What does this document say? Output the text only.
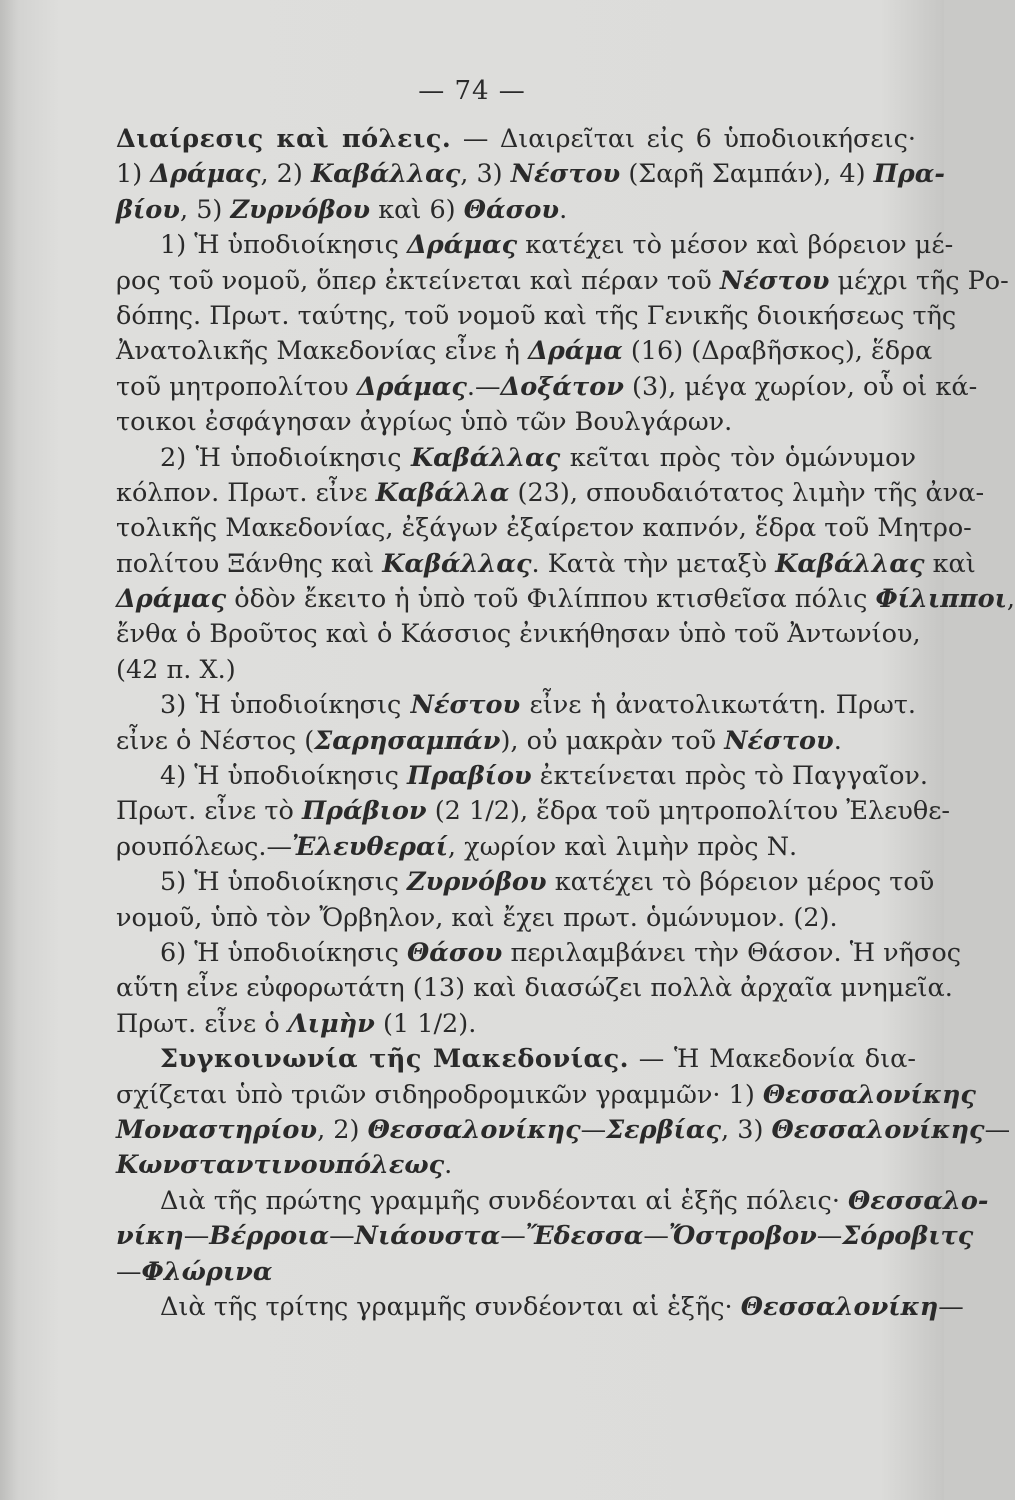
— 74 —
Διαίρεσις καὶ πόλεις. — Διαιρεῖται εἰς 6 ὑποδιοικήσεις·
1) Δράμας, 2) Καβάλλας, 3) Νέστου (Σαρῆ Σαμπάν), 4) Πρα-
βίου, 5) Ζυρνόβου καὶ 6) Θάσου.
1) Ἡ ὑποδιοίκησις Δράμας κατέχει τὸ μέσον καὶ βόρειον μέ-
ρος τοῦ νομοῦ, ὅπερ ἐκτείνεται καὶ πέραν τοῦ Νέστου μέχρι τῆς Ρο-
δόπης. Πρωτ. ταύτης, τοῦ νομοῦ καὶ τῆς Γενικῆς διοικήσεως τῆς
Ἀνατολικῆς Μακεδονίας εἶνε ἡ Δράμα (16) (Δραβῆσκος), ἕδρα
τοῦ μητροπολίτου Δράμας.—Δοξάτον (3), μέγα χωρίον, οὗ οἱ κά-
τοικοι ἐσφάγησαν ἀγρίως ὑπὸ τῶν Βουλγάρων.
2) Ἡ ὑποδιοίκησις Καβάλλας κεῖται πρὸς τὸν ὁμώνυμον
κόλπον. Πρωτ. εἶνε Καβάλλα (23), σπουδαιότατος λιμὴν τῆς ἀνα-
τολικῆς Μακεδονίας, ἐξάγων ἐξαίρετον καπνόν, ἕδρα τοῦ Μητρο-
πολίτου Ξάνθης καὶ Καβάλλας. Κατὰ τὴν μεταξὺ Καβάλλας καὶ
Δράμας ὁδὸν ἔκειτο ἡ ὑπὸ τοῦ Φιλίππου κτισθεῖσα πόλις Φίλιπποι,
ἔνθα ὁ Βροῦτος καὶ ὁ Κάσσιος ἐνικήθησαν ὑπὸ τοῦ Ἀντωνίου,
(42 π. Χ.)
3) Ἡ ὑποδιοίκησις Νέστου εἶνε ἡ ἀνατολικωτάτη. Πρωτ.
εἶνε ὁ Νέστος (Σαρησαμπάν), οὐ μακρὰν τοῦ Νέστου.
4) Ἡ ὑποδιοίκησις Πραβίου ἐκτείνεται πρὸς τὸ Παγγαῖον.
Πρωτ. εἶνε τὸ Πράβιον (2 1/2), ἕδρα τοῦ μητροπολίτου Ἐλευθε-
ρουπόλεως.—Ἐλευθεραί, χωρίον καὶ λιμὴν πρὸς Ν.
5) Ἡ ὑποδιοίκησις Ζυρνόβου κατέχει τὸ βόρειον μέρος τοῦ
νομοῦ, ὑπὸ τὸν Ὄρβηλον, καὶ ἔχει πρωτ. ὁμώνυμον. (2).
6) Ἡ ὑποδιοίκησις Θάσου περιλαμβάνει τὴν Θάσον. Ἡ νῆσος
αὕτη εἶνε εὐφορωτάτη (13) καὶ διασώζει πολλὰ ἀρχαῖα μνημεῖα.
Πρωτ. εἶνε ὁ Λιμὴν (1 1/2).
Συγκοινωνία τῆς Μακεδονίας. — Ἡ Μακεδονία δια-
σχίζεται ὑπὸ τριῶν σιδηροδρομικῶν γραμμῶν· 1) Θεσσαλονίκης
Μοναστηρίου, 2) Θεσσαλονίκης—Σερβίας, 3) Θεσσαλονίκης—
Κωνσταντινουπόλεως.
Διὰ τῆς πρώτης γραμμῆς συνδέονται αἱ ἑξῆς πόλεις· Θεσσαλο-
νίκη—Βέρροια—Νιάουστα—Ἔδεσσα—Ὄστροβον—Σόροβιτς
—Φλώρινα
Διὰ τῆς τρίτης γραμμῆς συνδέονται αἱ ἑξῆς· Θεσσαλονίκη—
